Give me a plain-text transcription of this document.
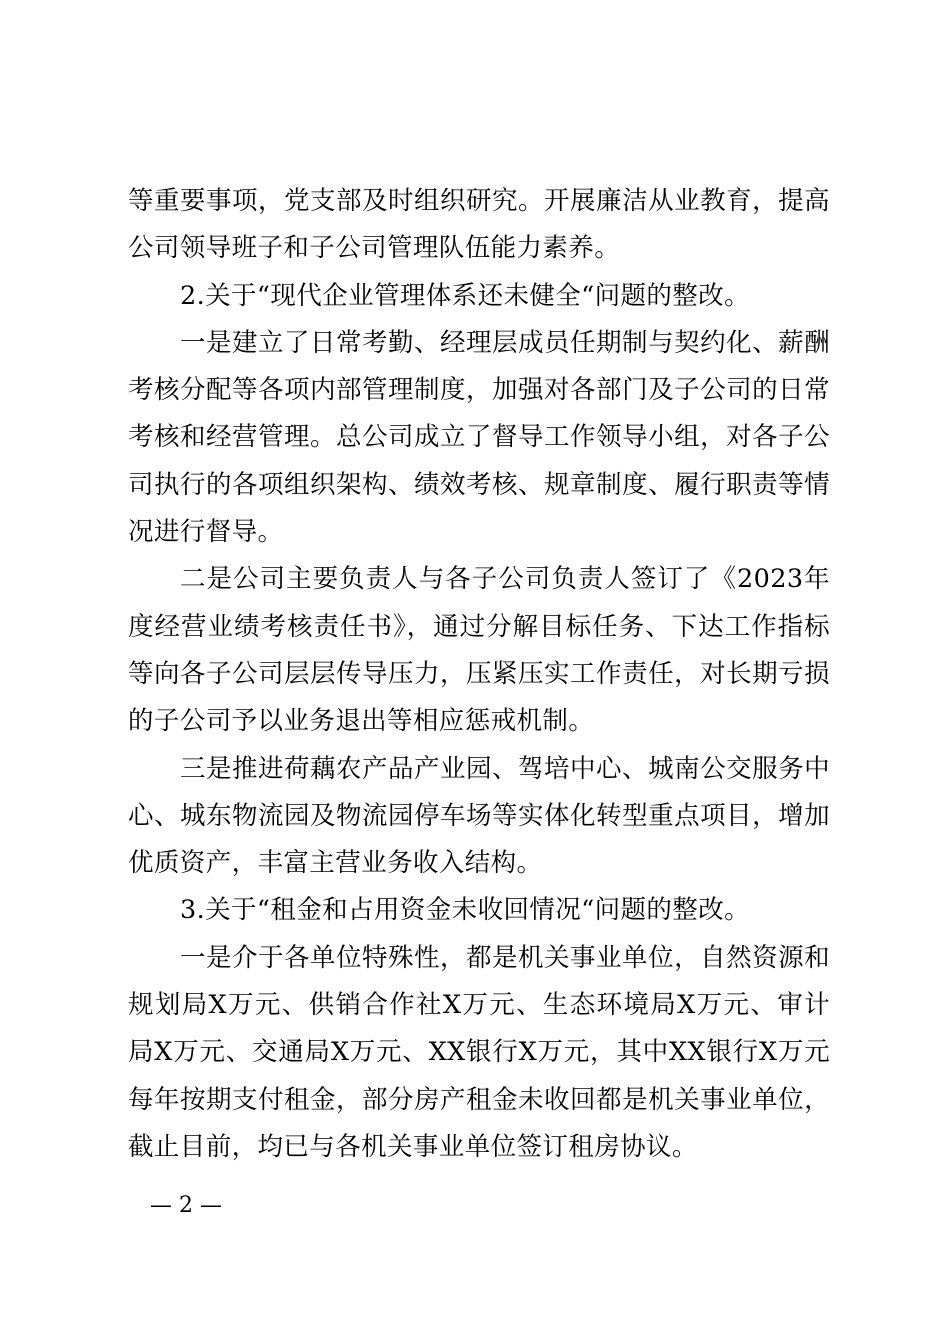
等重要事项，党支部及时组织研究。开展廉洁从业教育，提高公司领导班子和子公司管理队伍能力素养。

2.关于“现代企业管理体系还未健全“问题的整改。

一是建立了日常考勤、经理层成员任期制与契约化、薪酬考核分配等各项内部管理制度，加强对各部门及子公司的日常考核和经营管理。总公司成立了督导工作领导小组，对各子公司执行的各项组织架构、绩效考核、规章制度、履行职责等情况进行督导。

二是公司主要负责人与各子公司负责人签订了《2023年度经营业绩考核责任书》，通过分解目标任务、下达工作指标等向各子公司层层传导压力，压紧压实工作责任，对长期亏损的子公司予以业务退出等相应惩戒机制。

三是推进荷藕农产品产业园、驾培中心、城南公交服务中心、城东物流园及物流园停车场等实体化转型重点项目，增加优质资产，丰富主营业务收入结构。

3.关于“租金和占用资金未收回情况“问题的整改。

一是介于各单位特殊性，都是机关事业单位，自然资源和规划局X万元、供销合作社X万元、生态环境局X万元、审计局X万元、交通局X万元、XX银行X万元，其中XX银行X万元每年按期支付租金，部分房产租金未收回都是机关事业单位，截止目前，均已与各机关事业单位签订租房协议。

— 2 —
